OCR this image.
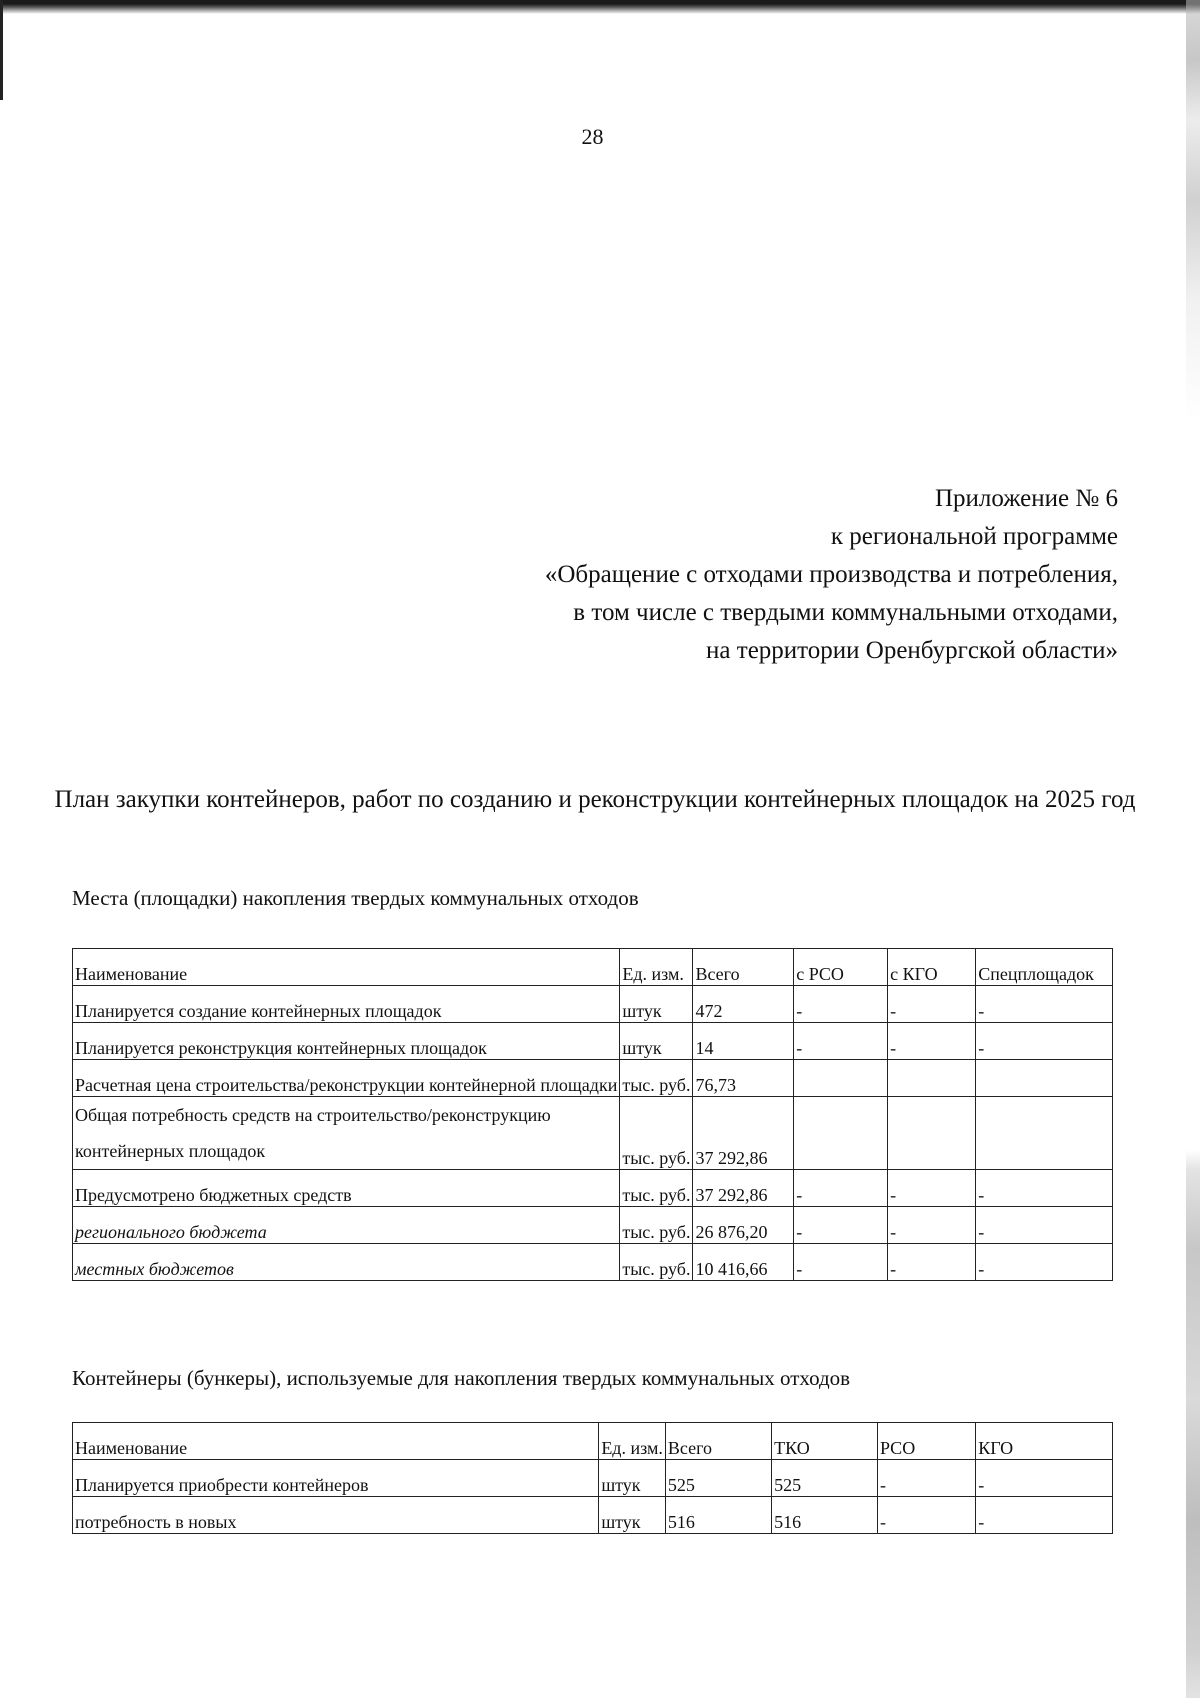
28
Приложение № 6
к региональной программе
«Обращение с отходами производства и потребления,
в том числе с твердыми коммунальными отходами,
на территории Оренбургской области»
План закупки контейнеров, работ по созданию и реконструкции контейнерных площадок на 2025 год
Места (площадки) накопления твердых коммунальных отходов
Наименование	Ед. изм.	Всего	с РСО	с КГО	Спецплощадок
Планируется создание контейнерных площадок	штук	472	-	-	-
Планируется реконструкция контейнерных площадок	штук	14	-	-	-
Расчетная цена строительства/реконструкции контейнерной площадки	тыс. руб.	76,73			
Общая потребность средств на строительство/реконструкцию контейнерных площадок	тыс. руб.	37 292,86			
Предусмотрено бюджетных средств	тыс. руб.	37 292,86	-	-	-
регионального бюджета	тыс. руб.	26 876,20	-	-	-
местных бюджетов	тыс. руб.	10 416,66	-	-	-
Контейнеры (бункеры), используемые для накопления твердых коммунальных отходов
Наименование	Ед. изм.	Всего	ТКО	РСО	КГО
Планируется приобрести контейнеров	штук	525	525	-	-
потребность в новых	штук	516	516	-	-
